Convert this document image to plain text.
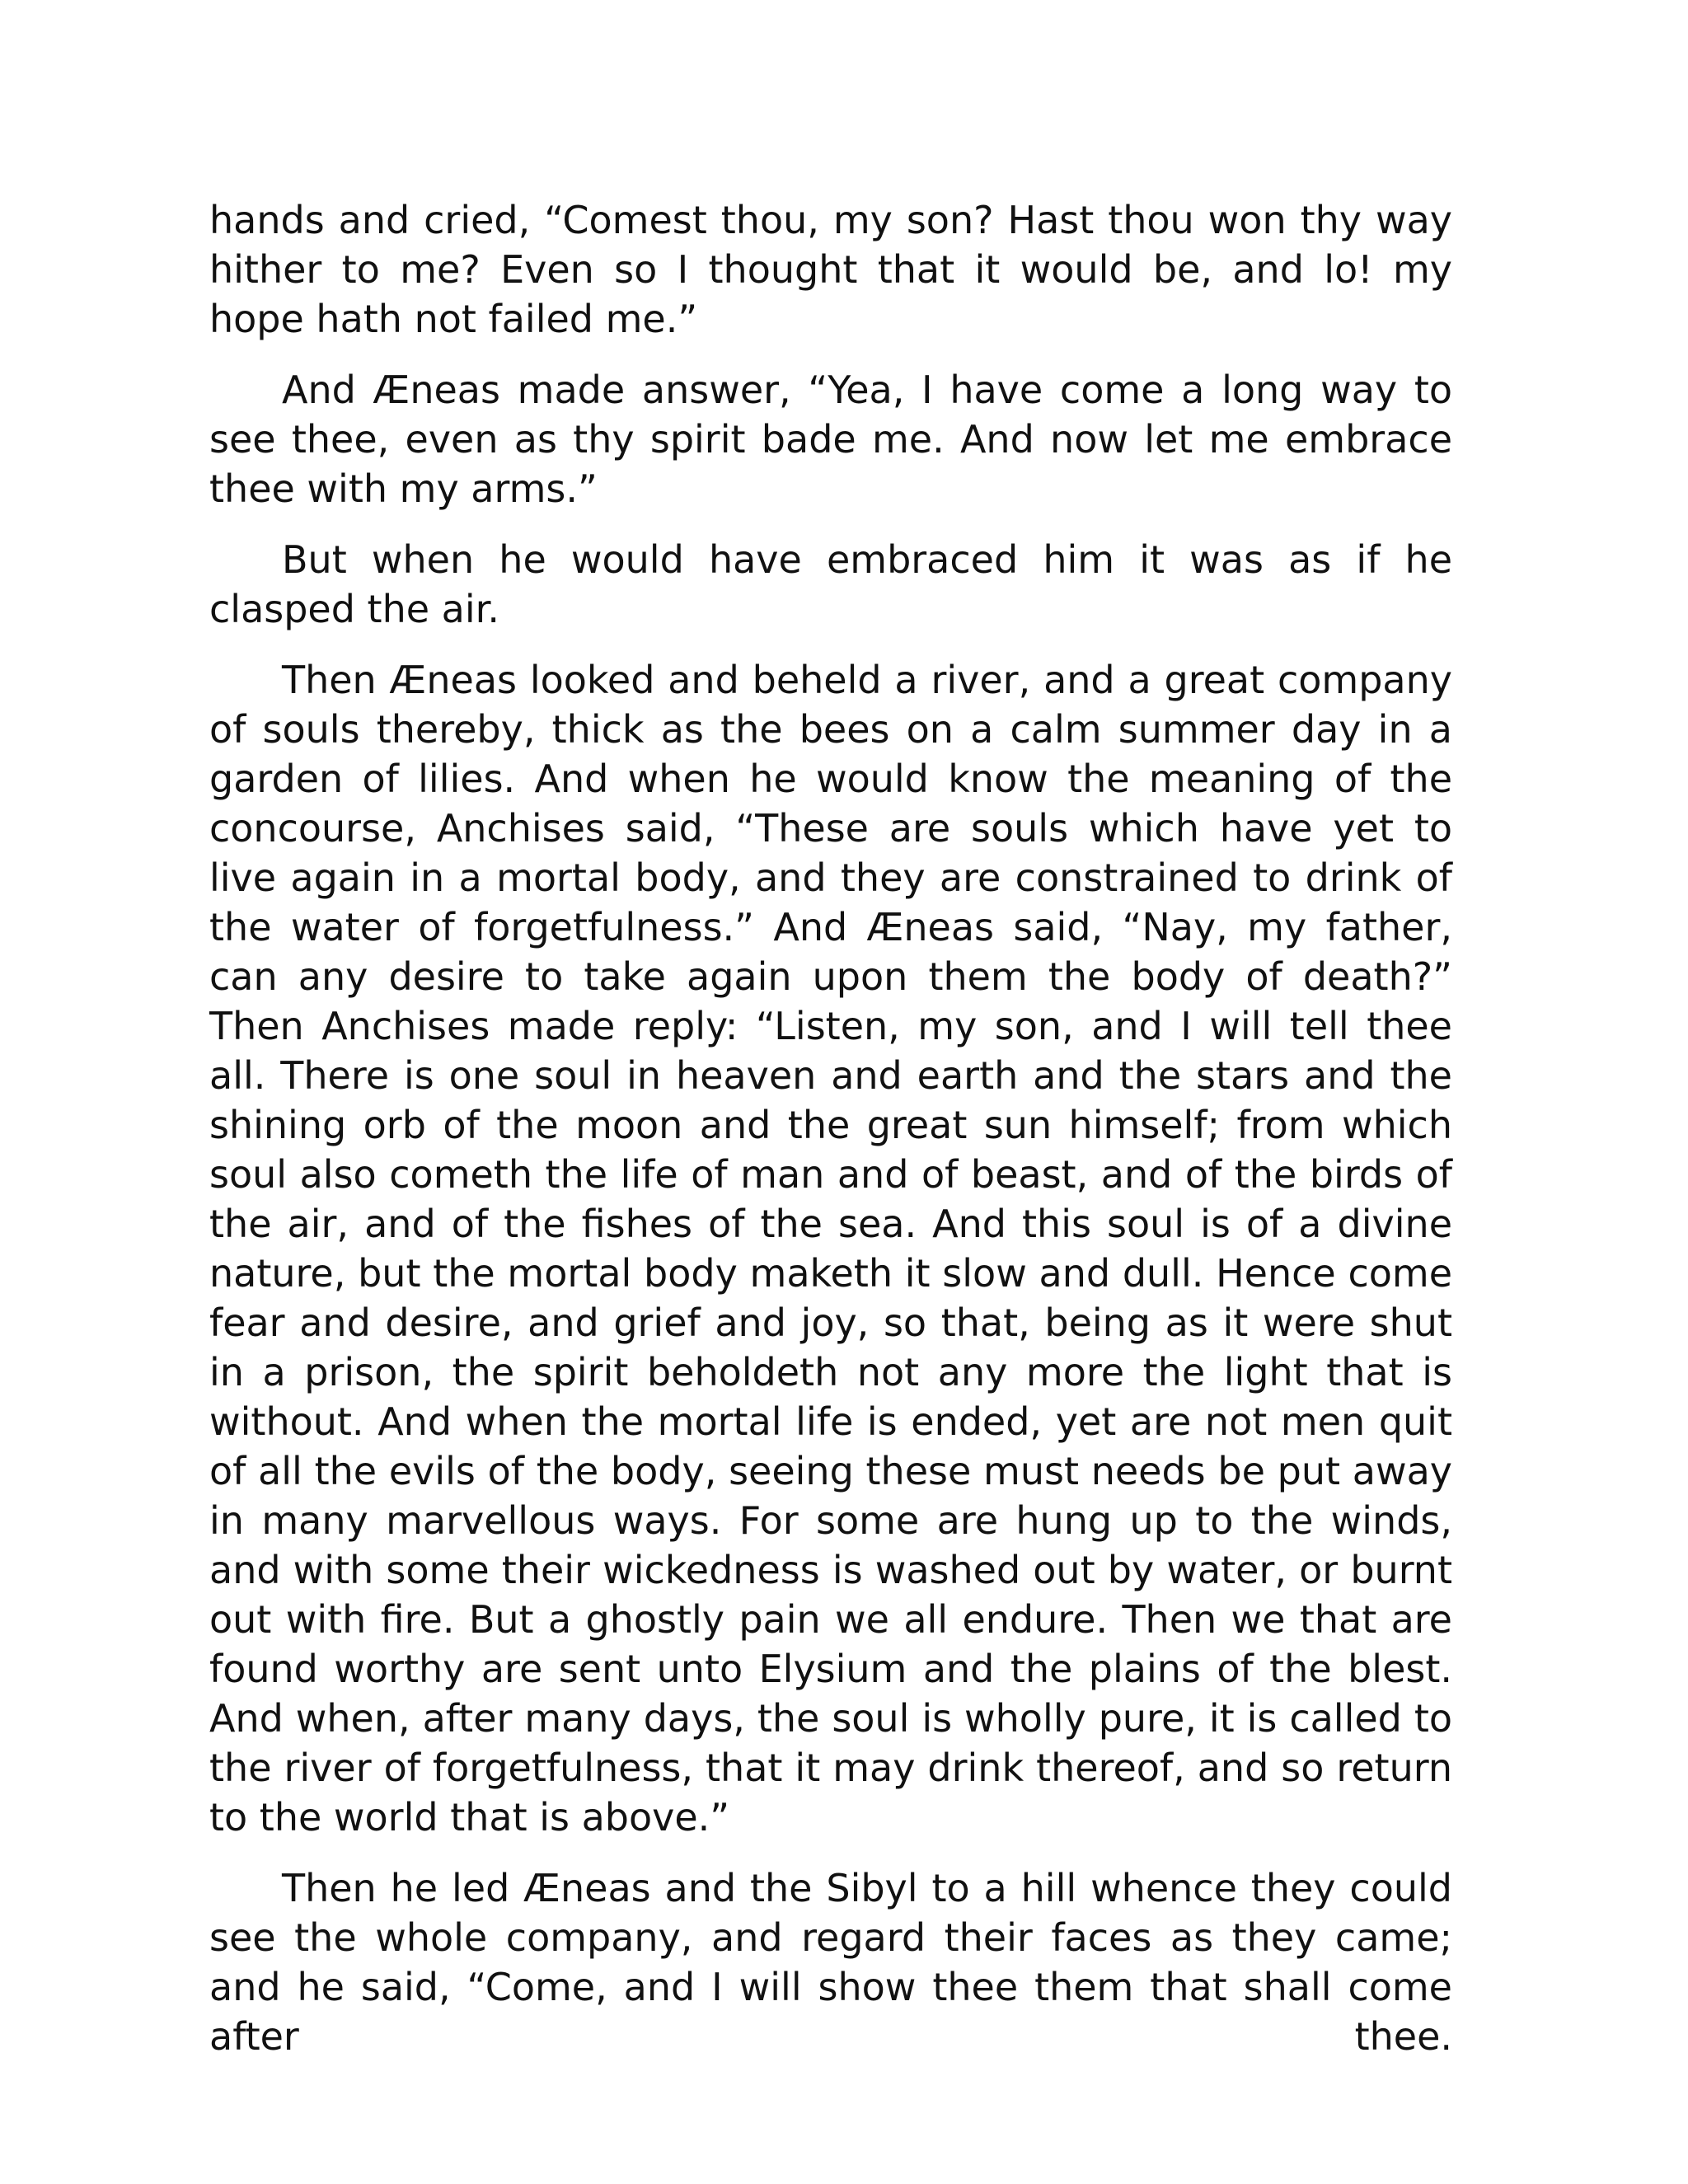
hands and cried, “Comest thou, my son? Hast thou won thy way hither to me? Even so I thought that it would be, and lo! my hope hath not failed me.”

And Æneas made answer, “Yea, I have come a long way to see thee, even as thy spirit bade me. And now let me embrace thee with my arms.”

But when he would have embraced him it was as if he clasped the air.

Then Æneas looked and beheld a river, and a great company of souls thereby, thick as the bees on a calm summer day in a garden of lilies. And when he would know the meaning of the concourse, Anchises said, “These are souls which have yet to live again in a mortal body, and they are constrained to drink of the water of forgetfulness.” And Æneas said, “Nay, my father, can any desire to take again upon them the body of death?” Then Anchises made reply: “Listen, my son, and I will tell thee all. There is one soul in heaven and earth and the stars and the shining orb of the moon and the great sun himself; from which soul also cometh the life of man and of beast, and of the birds of the air, and of the fishes of the sea. And this soul is of a divine nature, but the mortal body maketh it slow and dull. Hence come fear and desire, and grief and joy, so that, being as it were shut in a prison, the spirit beholdeth not any more the light that is without. And when the mortal life is ended, yet are not men quit of all the evils of the body, seeing these must needs be put away in many marvellous ways. For some are hung up to the winds, and with some their wickedness is washed out by water, or burnt out with fire. But a ghostly pain we all endure. Then we that are found worthy are sent unto Elysium and the plains of the blest. And when, after many days, the soul is wholly pure, it is called to the river of forgetfulness, that it may drink thereof, and so return to the world that is above.”

Then he led Æneas and the Sibyl to a hill whence they could see the whole company, and regard their faces as they came; and he said, “Come, and I will show thee them that shall come after thee.
